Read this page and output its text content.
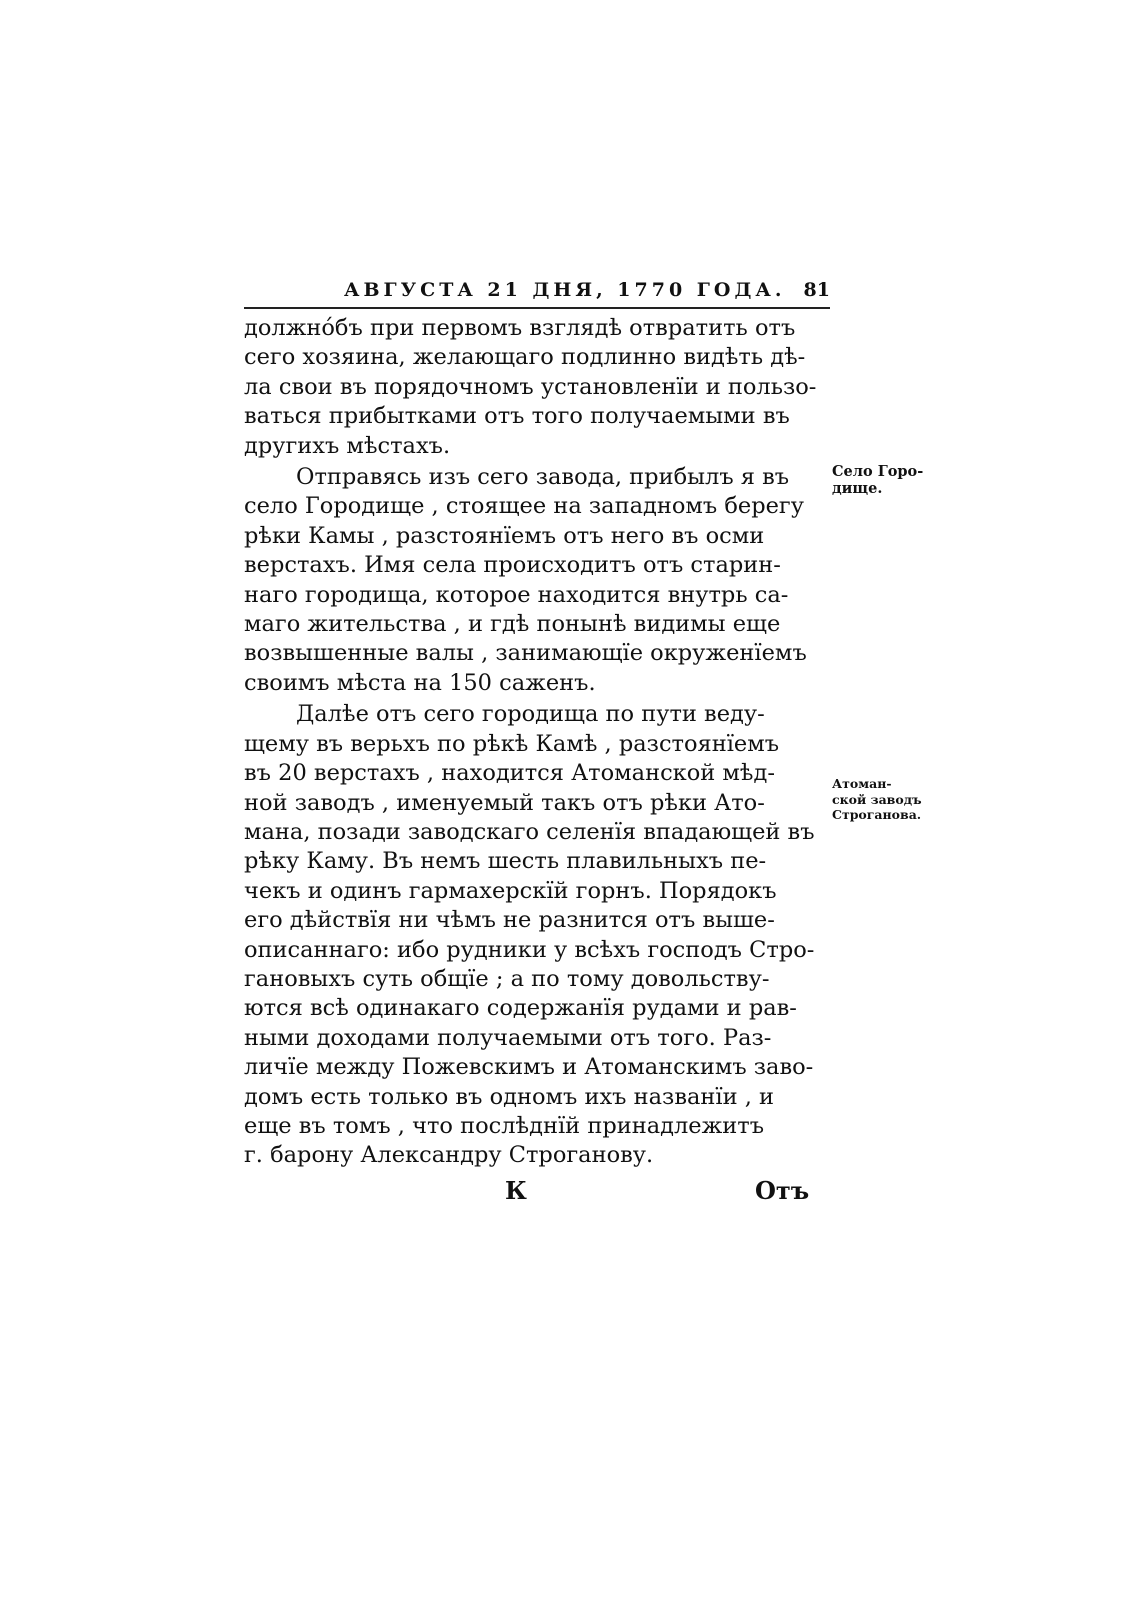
АВГУСТА 21 ДНЯ, 1770 ГОДА. 81

должно́бъ при первомъ взглядѣ отвратить отъ
сего хозяина, желающаго подлинно видѣть дѣ-
ла свои въ порядочномъ установленїи и пользо-
ваться прибытками отъ того получаемыми въ
другихъ мѣстахъ.

Отправясь изъ сего завода, прибылъ я въ
село Городище , стоящее на западномъ берегу
рѣки Камы , разстоянїемъ отъ него въ осми
верстахъ. Имя села происходитъ отъ старин-
наго городища, которое находится внутрь са-
маго жительства , и гдѣ понынѣ видимы еще
возвышенные валы , занимающїе окруженїемъ
своимъ мѣста на 150 саженъ.

Далѣе отъ сего городища по пути веду-
щему въ верьхъ по рѣкѣ Камѣ , разстоянїемъ
въ 20 верстахъ , находится Атоманской мѣд-
ной заводъ , именуемый такъ отъ рѣки Ато-
мана, позади заводскаго селенїя впадающей въ
рѣку Каму. Въ немъ шесть плавильныхъ пе-
чекъ и одинъ гармахерскїй горнъ. Порядокъ
его дѣйствїя ни чѣмъ не разнится отъ выше-
описаннаго: ибо рудники у всѣхъ господъ Стро-
гановыхъ суть общїе ; а по тому довольству-
ются всѣ одинакаго содержанїя рудами и рав-
ными доходами получаемыми отъ того. Раз-
личїе между Пожевскимъ и Атоманскимъ заво-
домъ есть только въ одномъ ихъ названїи , и
еще въ томъ , что послѣднїй принадлежитъ
г. барону Александру Строганову.

Село Горо-
дище.
Атоман-
ской заводъ
Строганова.
К	Отъ
